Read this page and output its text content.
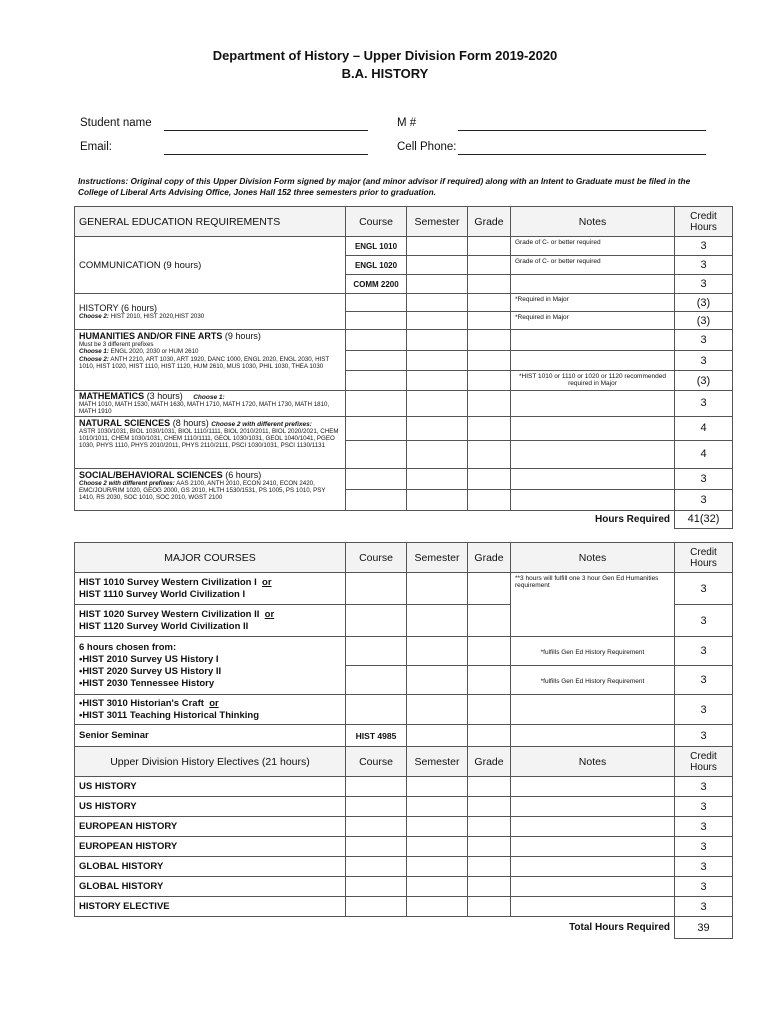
Department of History – Upper Division Form 2019-2020
B.A. HISTORY
Student name	M #
Email:	Cell Phone:
Instructions: Original copy of this Upper Division Form signed by major (and minor advisor if required) along with an Intent to Graduate must be filed in the College of Liberal Arts Advising Office, Jones Hall 152 three semesters prior to graduation.
GENERAL EDUCATION REQUIREMENTS	Course	Semester	Grade	Notes	Credit Hours
COMMUNICATION (9 hours)	ENGL 1010			Grade of C- or better required	3
	ENGL 1020			Grade of C- or better required	3
	COMM 2200				3

HISTORY (6 hours)
Choose 2: HIST 2010, HIST 2020,HIST 2030				*Required in Major	(3)
				*Required in Major	(3)

HUMANITIES AND/OR FINE ARTS (9 hours)
Must be 3 different prefixes
Choose 1: ENGL 2020, 2030 or HUM 2610
Choose 2: ANTH 2210, ART 1030, ART 1920, DANC 1000, ENGL 2020, ENGL 2030, HIST 1010, HIST 1020, HIST 1110, HIST 1120, HUM 2610, MUS 1030, PHIL 1030, THEA 1030					3
					3
				*HIST 1010 or 1110 or 1020 or 1120 recommended required in Major	(3)

MATHEMATICS (3 hours) Choose 1:
MATH 1010, MATH 1530, MATH 1630, MATH 1710, MATH 1720, MATH 1730, MATH 1810, MATH 1910					3

NATURAL SCIENCES (8 hours) Choose 2 with different prefixes:
ASTR 1030/1031, BIOL 1030/1031, BIOL 1110/1111, BIOL 2010/2011, BIOL 2020/2021, CHEM 1010/1011, CHEM 1030/1031, CHEM 1110/1111, GEOL 1030/1031, GEOL 1040/1041, PGEO 1030, PHYS 1110, PHYS 2010/2011, PHYS 2110/2111, PSCI 1030/1031, PSCI 1130/1131					4
					4

SOCIAL/BEHAVIORAL SCIENCES (6 hours)
Choose 2 with different prefixes: AAS 2100, ANTH 2010, ECON 2410, ECON 2420, EMC/JOUR/RIM 1020, GEOG 2000, GS 2010, HLTH 1530/1531, PS 1005, PS 1010, PSY 1410, RS 2030, SOC 1010, SOC 2010, WGST 2100					3
					3
Hours Required					41(32)
MAJOR COURSES	Course	Semester	Grade	Notes	Credit Hours
HIST 1010 Survey Western Civilization I or
HIST 1110 Survey World Civilization I				**3 hours will fulfill one 3 hour Gen Ed Humanities requirement	3
HIST 1020 Survey Western Civilization II or
HIST 1120 Survey World Civilization II					3

6 hours chosen from:
•HIST 2010 Survey US History I
•HIST 2020 Survey US History II
•HIST 2030 Tennessee History				*fulfills Gen Ed History Requirement	3
				*fulfills Gen Ed History Requirement	3
•HIST 3010 Historian's Craft or
•HIST 3011 Teaching Historical Thinking					3
Senior Seminar	HIST 4985				3
Upper Division History Electives (21 hours)	Course	Semester	Grade	Notes	Credit Hours
US HISTORY					3
US HISTORY					3
EUROPEAN HISTORY					3
EUROPEAN HISTORY					3
GLOBAL HISTORY					3
GLOBAL HISTORY					3
HISTORY ELECTIVE					3
Total Hours Required					39
